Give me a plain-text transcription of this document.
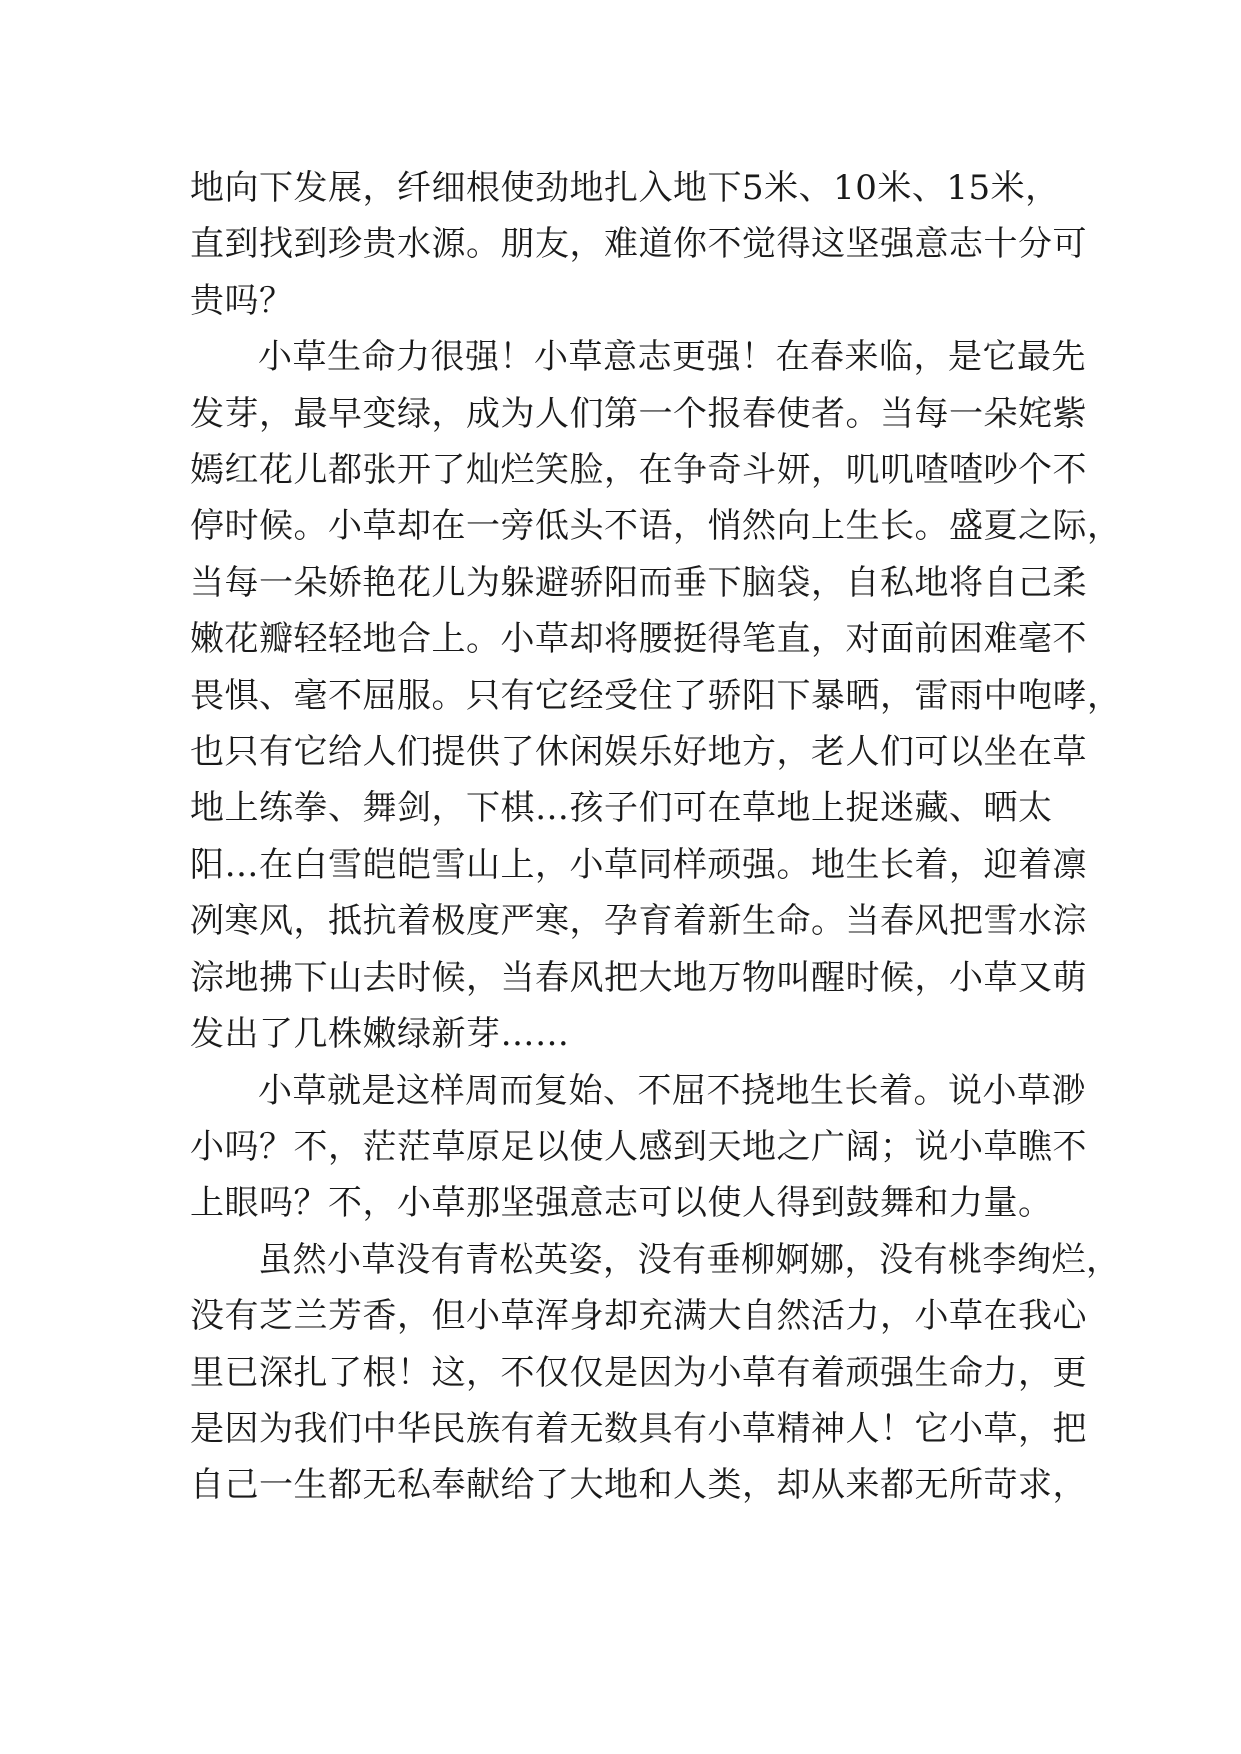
地向下发展，纤细根使劲地扎入地下5米、10米、15米，
直到找到珍贵水源。朋友，难道你不觉得这坚强意志十分可
贵吗？
小草生命力很强！小草意志更强！在春来临，是它最先
发芽，最早变绿，成为人们第一个报春使者。当每一朵姹紫
嫣红花儿都张开了灿烂笑脸，在争奇斗妍，叽叽喳喳吵个不
停时候。小草却在一旁低头不语，悄然向上生长。盛夏之际，
当每一朵娇艳花儿为躲避骄阳而垂下脑袋，自私地将自己柔
嫩花瓣轻轻地合上。小草却将腰挺得笔直，对面前困难毫不
畏惧、毫不屈服。只有它经受住了骄阳下暴晒，雷雨中咆哮，
也只有它给人们提供了休闲娱乐好地方，老人们可以坐在草
地上练拳、舞剑，下棋…孩子们可在草地上捉迷藏、晒太
阳…在白雪皑皑雪山上，小草同样顽强。地生长着，迎着凛
冽寒风，抵抗着极度严寒，孕育着新生命。当春风把雪水淙
淙地拂下山去时候，当春风把大地万物叫醒时候，小草又萌
发出了几株嫩绿新芽……
小草就是这样周而复始、不屈不挠地生长着。说小草渺
小吗？不，茫茫草原足以使人感到天地之广阔；说小草瞧不
上眼吗？不，小草那坚强意志可以使人得到鼓舞和力量。
虽然小草没有青松英姿，没有垂柳婀娜，没有桃李绚烂，
没有芝兰芳香，但小草浑身却充满大自然活力，小草在我心
里已深扎了根！这，不仅仅是因为小草有着顽强生命力，更
是因为我们中华民族有着无数具有小草精神人！它小草，把
自己一生都无私奉献给了大地和人类，却从来都无所苛求，
